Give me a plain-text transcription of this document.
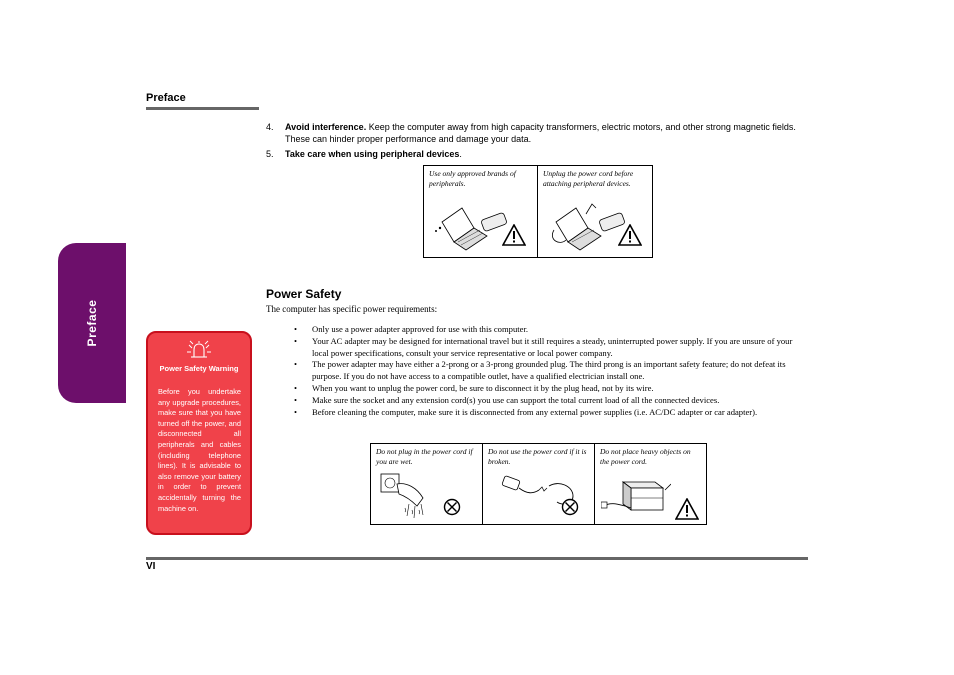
Preface
Preface
4. Avoid interference. Keep the computer away from high capacity transformers, electric motors, and other strong magnetic fields. These can hinder proper performance and damage your data.
5. Take care when using peripheral devices.
Use only approved brands of peripherals.
Unplug the power cord before attaching peripheral devices.
Power Safety
The computer has specific power requirements:
• Only use a power adapter approved for use with this computer.
• Your AC adapter may be designed for international travel but it still requires a steady, uninterrupted power supply. If you are unsure of your local power specifications, consult your service representative or local power company.
• The power adapter may have either a 2-prong or a 3-prong grounded plug. The third prong is an important safety feature; do not defeat its purpose. If you do not have access to a compatible outlet, have a qualified electrician install one.
• When you want to unplug the power cord, be sure to disconnect it by the plug head, not by its wire.
• Make sure the socket and any extension cord(s) you use can support the total current load of all the connected devices.
• Before cleaning the computer, make sure it is disconnected from any external power supplies (i.e. AC/DC adapter or car adapter).
Do not plug in the power cord if you are wet.
Do not use the power cord if it is broken.
Do not place heavy objects on the power cord.
Power Safety Warning
Before you undertake any upgrade procedures, make sure that you have turned off the power, and disconnected all peripherals and cables (including telephone lines). It is advisable to also remove your battery in order to prevent accidentally turning the machine on.
VI
